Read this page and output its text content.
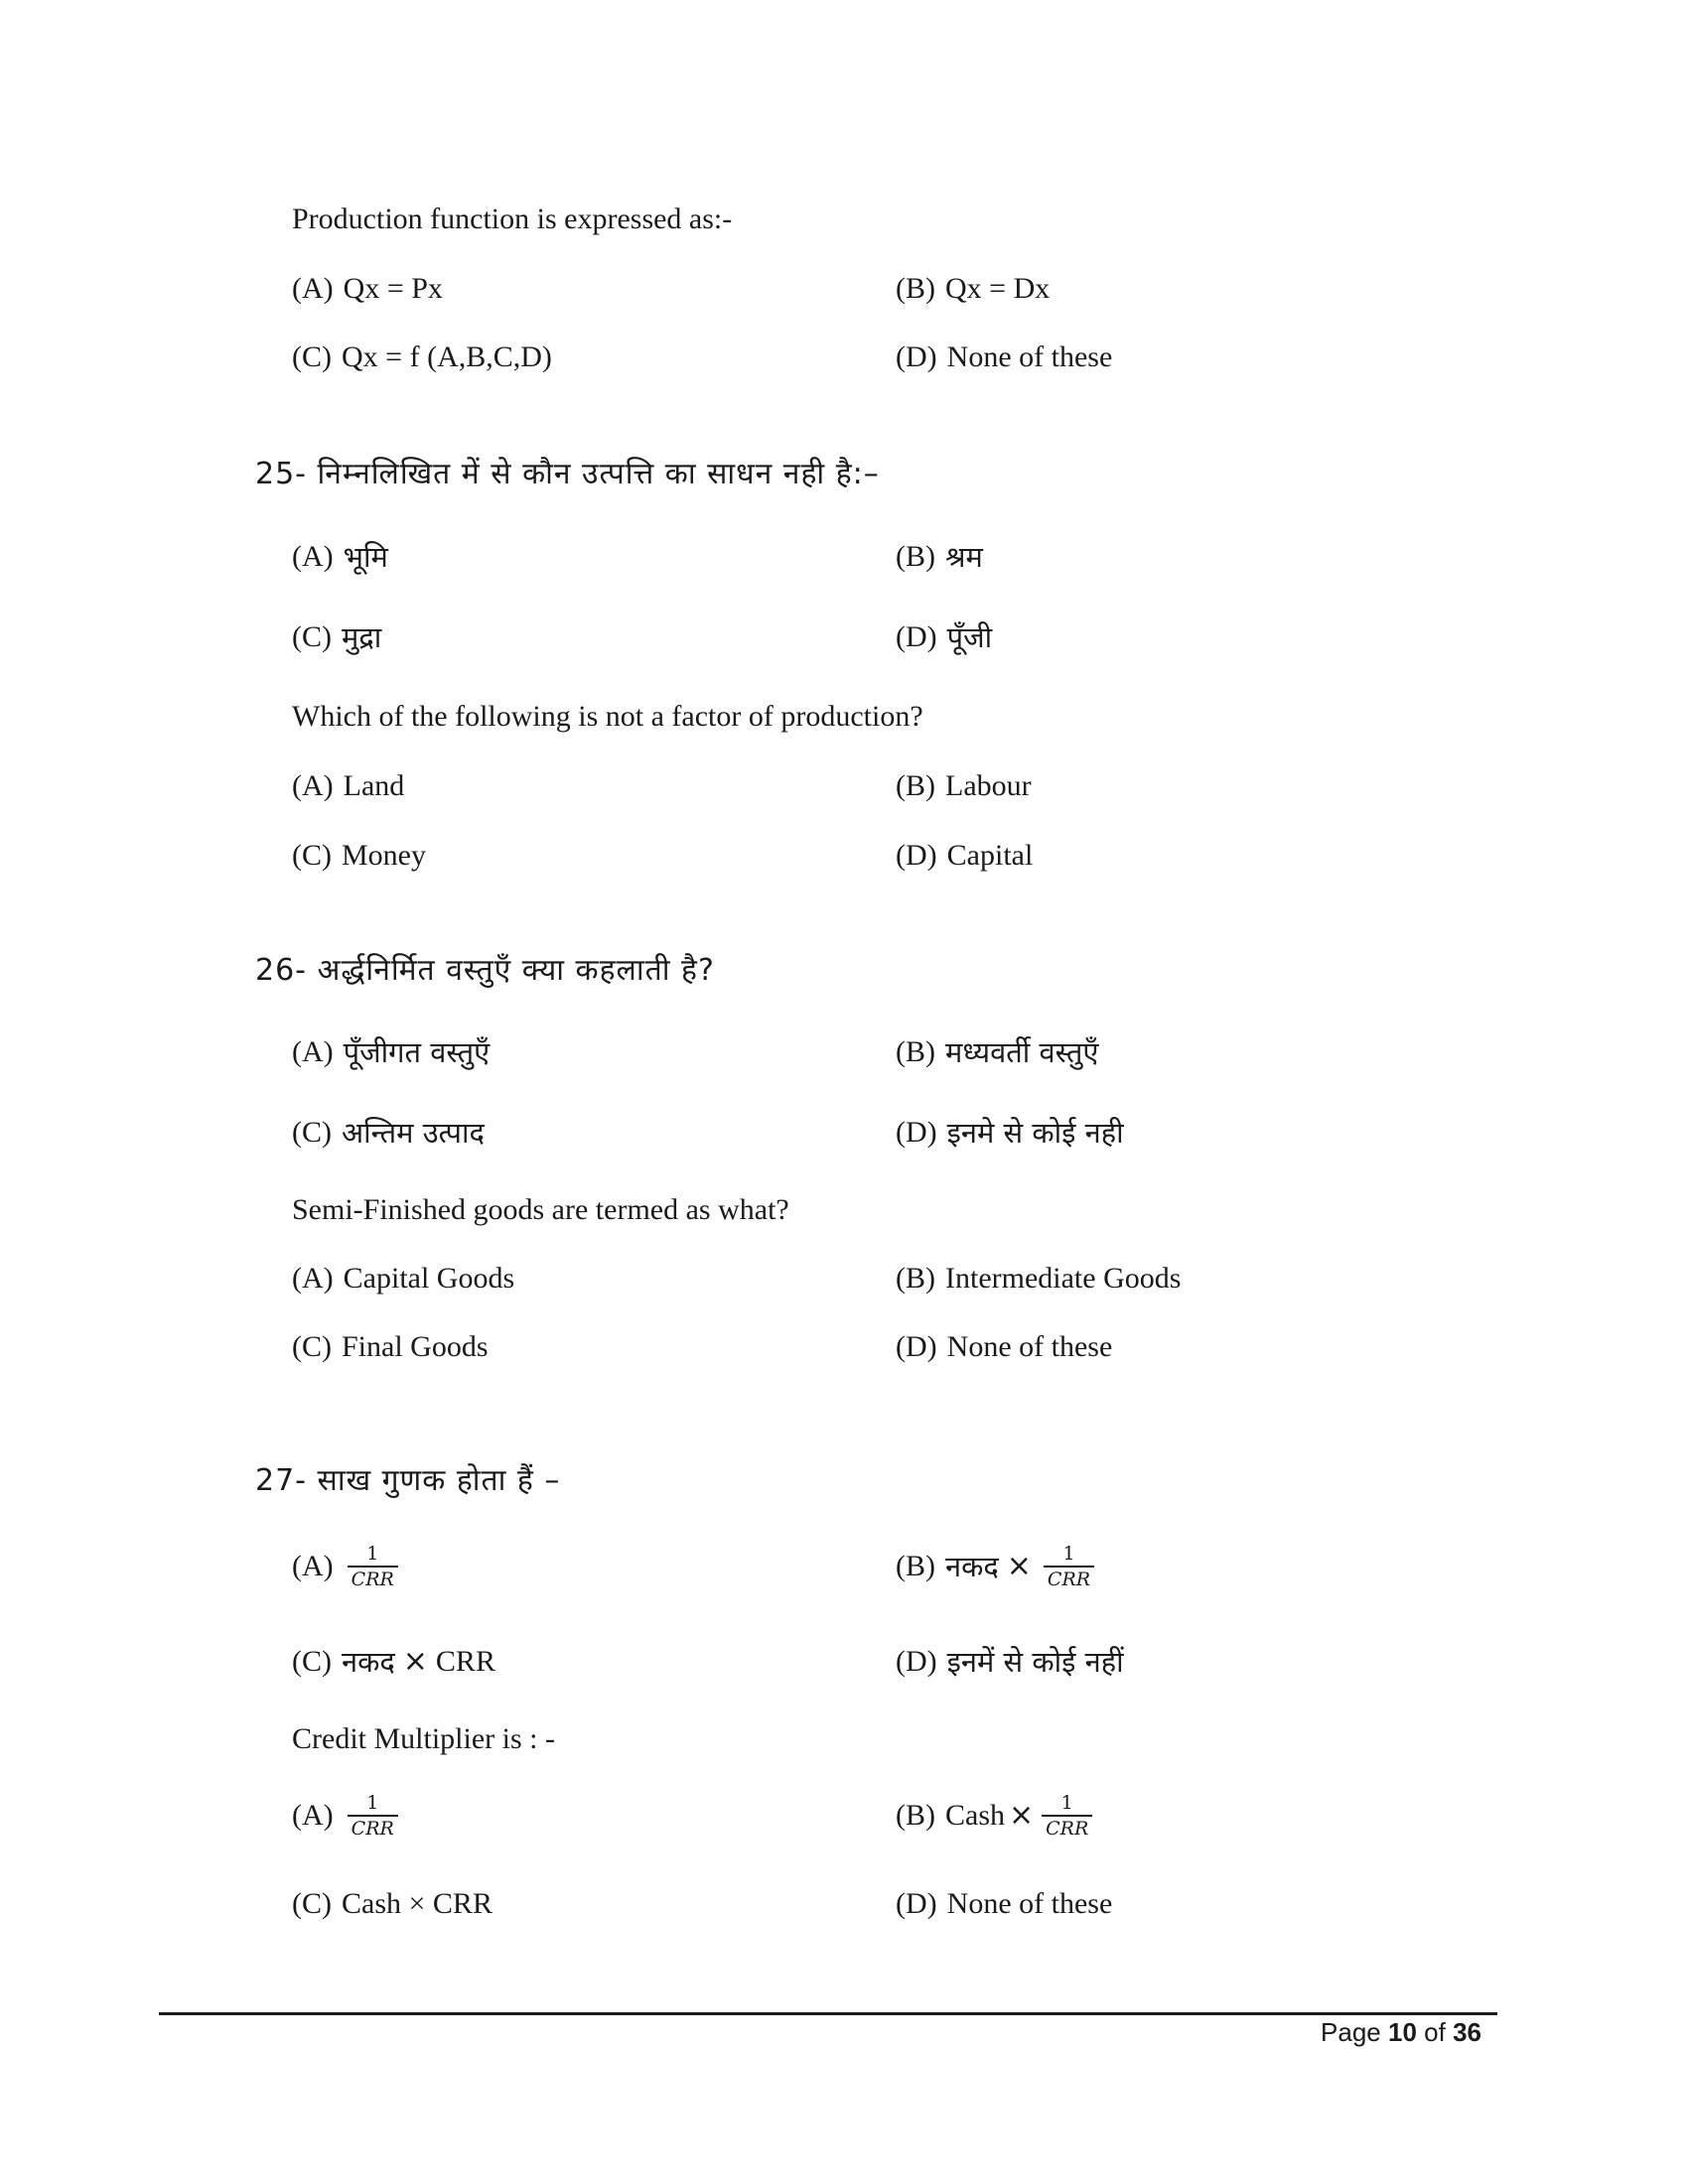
Production function is expressed as:-
(A) Qx = Px	(B) Qx = Dx
(C) Qx = f (A,B,C,D)	(D) None of these
25- निम्नलिखित में से कौन उत्पत्ति का साधन नही है:–
(A) भूमि	(B) श्रम
(C) मुद्रा	(D) पूँजी
Which of the following is not a factor of production?
(A) Land	(B) Labour
(C) Money	(D) Capital
26- अर्द्धनिर्मित वस्तुएँ क्या कहलाती है?
(A) पूँजीगत वस्तुएँ	(B) मध्यवर्ती वस्तुएँ
(C) अन्तिम उत्पाद	(D) इनमे से कोई नही
Semi-Finished goods are termed as what?
(A) Capital Goods	(B) Intermediate Goods
(C) Final Goods	(D) None of these
27- साख गुणक होता हैं –
$(A) \frac{1}{\text{CRR}}$	(B) नकद × $\frac{1}{\text{CRR}}$
(C) नकद × CRR	(D) इनमें से कोई नहीं
Credit Multiplier is : -
$(A) \frac{1}{\text{CRR}}$	(B) Cash × $\frac{1}{\text{CRR}}$
(C) Cash × CRR	(D) None of these
Page 10 of 36
